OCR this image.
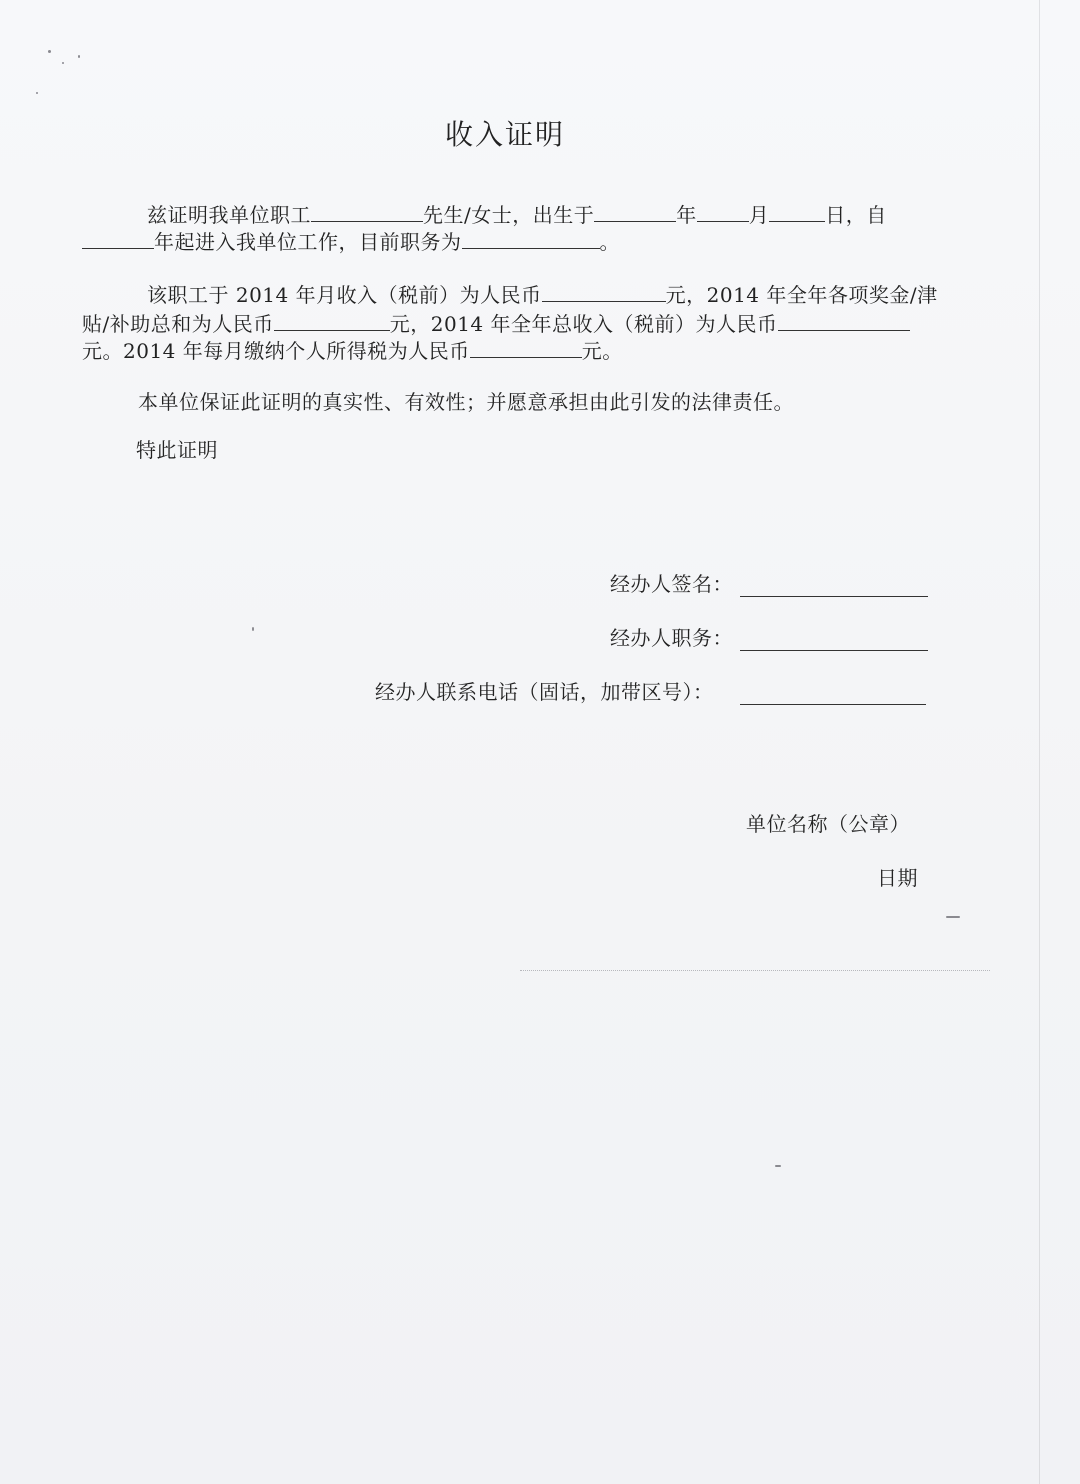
收入证明
兹证明我单位职工	先生/女士，出生于	年	月	日，自
年起进入我单位工作，目前职务为	。
该职工于 2014 年月收入（税前）为人民币	元，2014 年全年各项奖金/津
贴/补助总和为人民币	元，2014 年全年总收入（税前）为人民币
元。2014 年每月缴纳个人所得税为人民币	元。
本单位保证此证明的真实性、有效性；并愿意承担由此引发的法律责任。
特此证明
经办人签名：
经办人职务：
经办人联系电话（固话，加带区号）：
单位名称（公章）
日期
